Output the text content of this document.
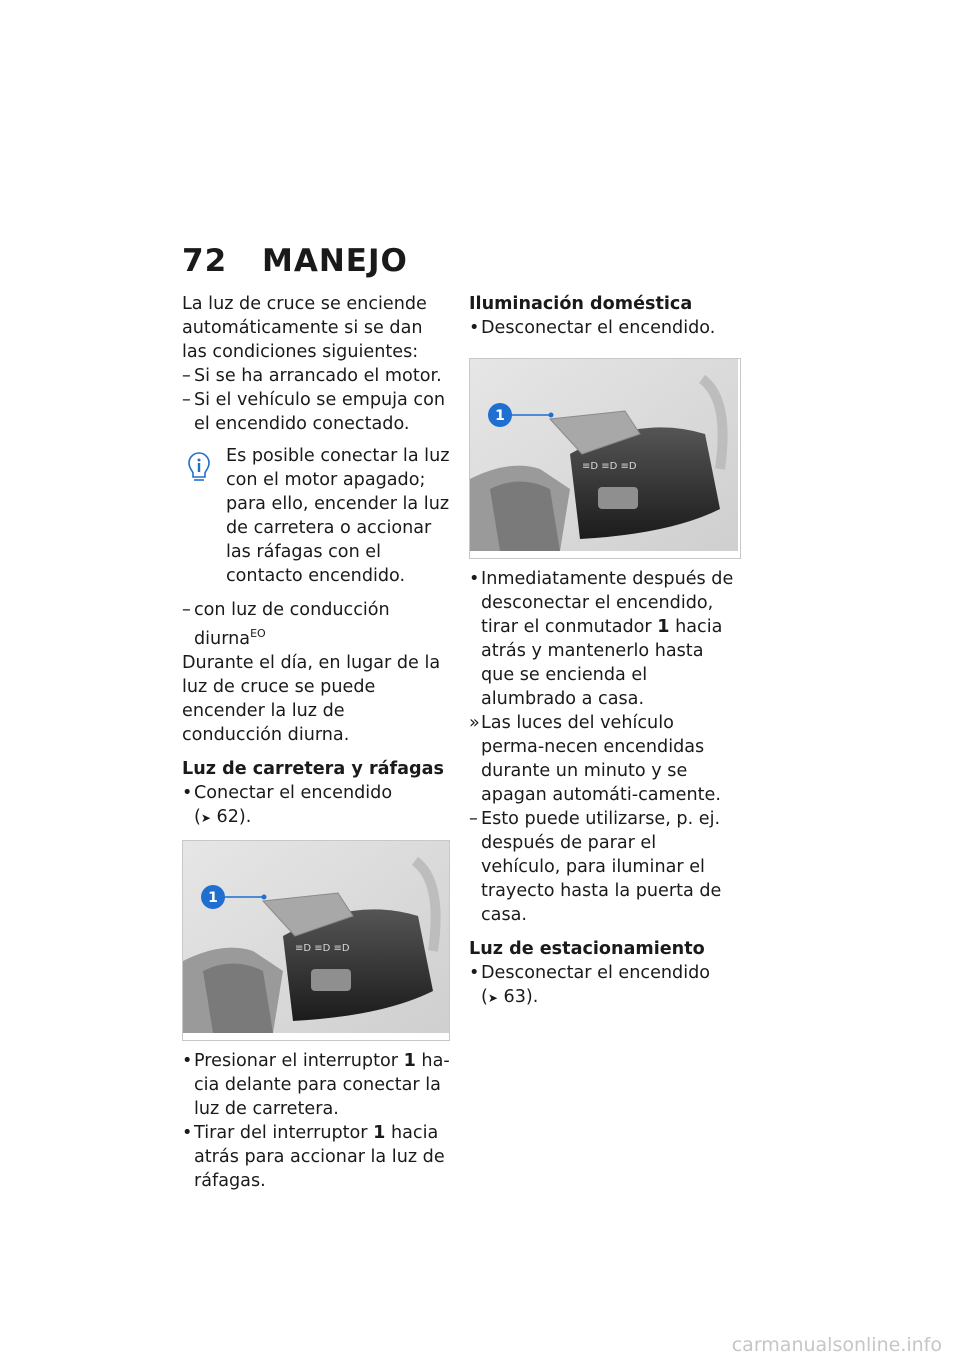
72 MANEJO

La luz de cruce se enciende automáticamente si se dan las condiciones siguientes:

– Si se ha arrancado el motor.
– Si el vehículo se empuja con el encendido conectado.

Es posible conectar la luz con el motor apagado; para ello, encender la luz de carretera o accionar las ráfagas con el contacto encendido.

– con luz de conducción diurna$^{EO}$

Durante el día, en lugar de la luz de cruce se puede encender la luz de conducción diurna.

Luz de carretera y ráfagas

• Conectar el encendido
(➤ 62).
≡D ≡D ≡D
1
• Presionar el interruptor 1 ha-cia delante para conectar la luz de carretera.
• Tirar del interruptor 1 hacia atrás para accionar la luz de ráfagas.

Iluminación doméstica

• Desconectar el encendido.
≡D ≡D ≡D
1
• Inmediatamente después de desconectar el encendido, tirar el conmutador 1 hacia atrás y mantenerlo hasta que se encienda el alumbrado a casa.
» Las luces del vehículo perma-necen encendidas durante un minuto y se apagan automáti-camente.
– Esto puede utilizarse, p. ej. después de parar el vehículo, para iluminar el trayecto hasta la puerta de casa.

Luz de estacionamiento

• Desconectar el encendido
(➤ 63).
carmanualsonline.info
